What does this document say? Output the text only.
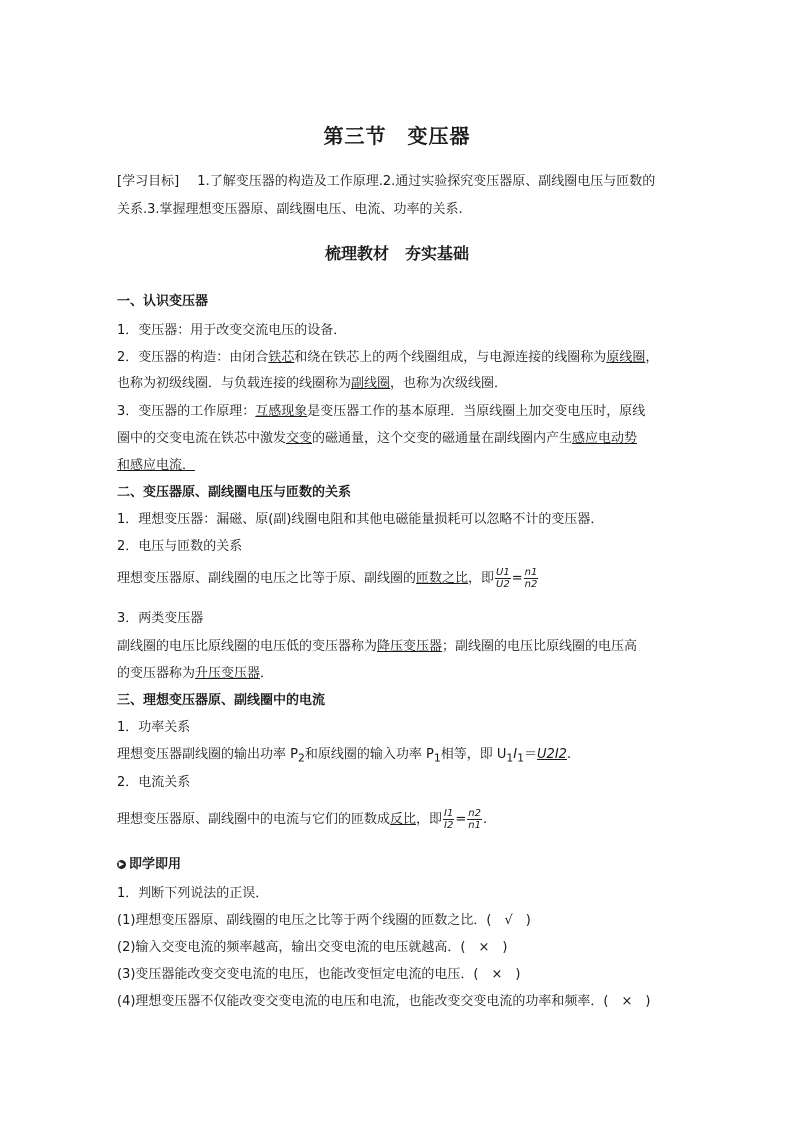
第三节　变压器
[学习目标] 1.了解变压器的构造及工作原理.2.通过实验探究变压器原、副线圈电压与匝数的
关系.3.掌握理想变压器原、副线圈电压、电流、功率的关系.
梳理教材　夯实基础
一、认识变压器
1．变压器：用于改变交流电压的设备．
2．变压器的构造：由闭合铁芯和绕在铁芯上的两个线圈组成，与电源连接的线圈称为原线圈，
也称为初级线圈．与负载连接的线圈称为副线圈，也称为次级线圈．
3．变压器的工作原理：互感现象是变压器工作的基本原理．当原线圈上加交变电压时，原线
圈中的交变电流在铁芯中激发交变的磁通量，这个交变的磁通量在副线圈内产生感应电动势
和感应电流．
二、变压器原、副线圈电压与匝数的关系
1．理想变压器：漏磁、原(副)线圈电阻和其他电磁能量损耗可以忽略不计的变压器．
2．电压与匝数的关系
理想变压器原、副线圈的电压之比等于原、副线圈的匝数之比，即 $\frac{U1}{U2} = \frac{n1}{n2}$
3．两类变压器
副线圈的电压比原线圈的电压低的变压器称为降压变压器；副线圈的电压比原线圈的电压高
的变压器称为升压变压器．
三、理想变压器原、副线圈中的电流
1．功率关系
理想变压器副线圈的输出功率 $P_2$和原线圈的输入功率 $P_1$相等，即 $U_1I_1=U2I2$.
2．电流关系
理想变压器原、副线圈中的电流与它们的匝数成反比，即 $\frac{I1}{I2} = \frac{n2}{n1}$ .
▶ 即学即用
1．判断下列说法的正误．
(1)理想变压器原、副线圈的电压之比等于两个线圈的匝数之比．(　√　)
(2)输入交变电流的频率越高，输出交变电流的电压就越高．(　×　)
(3)变压器能改变交变电流的电压，也能改变恒定电流的电压．(　×　)
(4)理想变压器不仅能改变交变电流的电压和电流，也能改变交变电流的功率和频率．(　×　)
